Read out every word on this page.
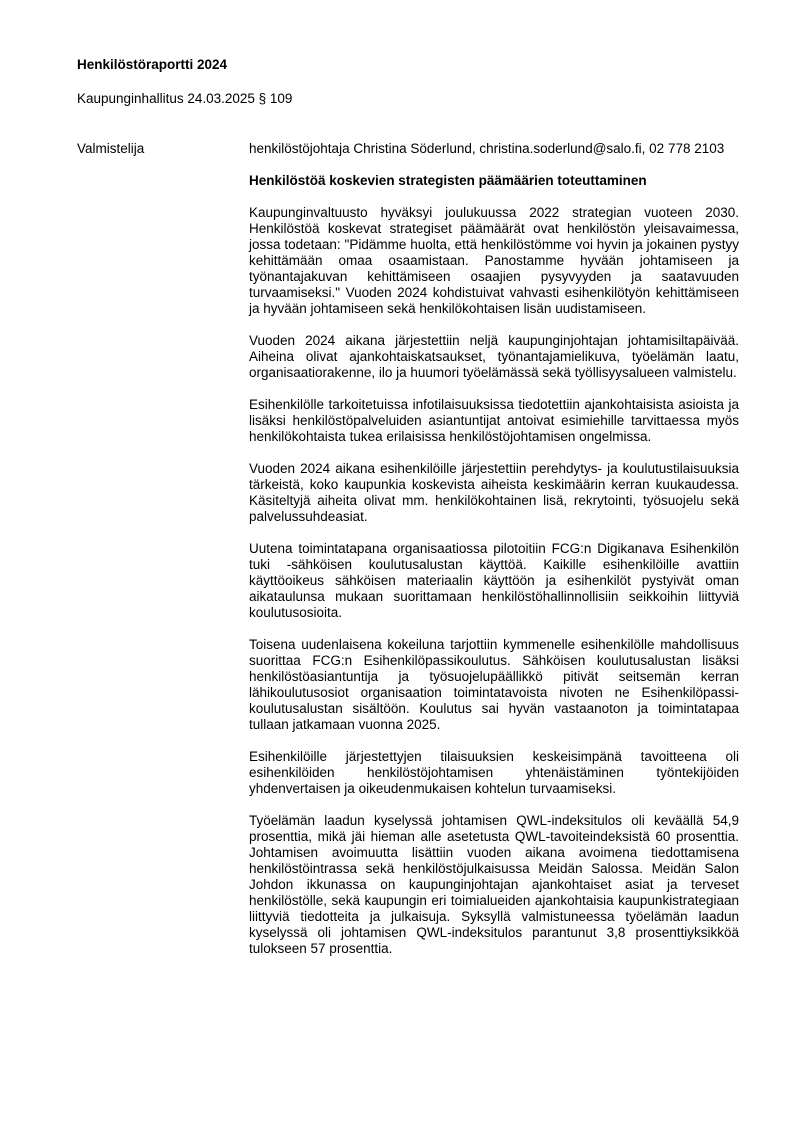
Henkilöstöraportti 2024
Kaupunginhallitus 24.03.2025 § 109
Valmistelija	henkilöstöjohtaja Christina Söderlund, christina.soderlund@salo.fi, 02 778 2103

Henkilöstöä koskevien strategisten päämäärien toteuttaminen

Kaupunginvaltuusto hyväksyi joulukuussa 2022 strategian vuoteen 2030. Henkilöstöä koskevat strategiset päämäärät ovat henkilöstön yleisavaimessa, jossa todetaan: "Pidämme huolta, että henkilöstömme voi hyvin ja jokainen pystyy kehittämään omaa osaamistaan. Panostamme hyvään johtamiseen ja työnantajakuvan kehittämiseen osaajien pysyvyyden ja saatavuuden turvaamiseksi." Vuoden 2024 kohdistuivat vahvasti esihenkilötyön kehittämiseen ja hyvään johtamiseen sekä henkilökohtaisen lisän uudistamiseen.

Vuoden 2024 aikana järjestettiin neljä kaupunginjohtajan johtamisiltapäivää. Aiheina olivat ajankohtaiskatsaukset, työnantajamielikuva, työelämän laatu, organisaatiorakenne, ilo ja huumori työelämässä sekä työllisyysalueen valmistelu.

Esihenkilölle tarkoitetuissa infotilaisuuksissa tiedotettiin ajankohtaisista asioista ja lisäksi henkilöstöpalveluiden asiantuntijat antoivat esimiehille tarvittaessa myös henkilökohtaista tukea erilaisissa henkilöstöjohtamisen ongelmissa.

Vuoden 2024 aikana esihenkilöille järjestettiin perehdytys- ja koulutustilaisuuksia tärkeistä, koko kaupunkia koskevista aiheista keskimäärin kerran kuukaudessa. Käsiteltyjä aiheita olivat mm. henkilökohtainen lisä, rekrytointi, työsuojelu sekä palvelussuhdeasiat.

Uutena toimintatapana organisaatiossa pilotoitiin FCG:n Digikanava Esihenkilön tuki -sähköisen koulutusalustan käyttöä. Kaikille esihenkilöille avattiin käyttöoikeus sähköisen materiaalin käyttöön ja esihenkilöt pystyivät oman aikataulunsa mukaan suorittamaan henkilöstöhallinnollisiin seikkoihin liittyviä koulutusosioita.

Toisena uudenlaisena kokeiluna tarjottiin kymmenelle esihenkilölle mahdollisuus suorittaa FCG:n Esihenkilöpassikoulutus. Sähköisen koulutusalustan lisäksi henkilöstöasiantuntija ja työsuojelupäällikkö pitivät seitsemän kerran lähikoulutusosiot organisaation toimintatavoista nivoten ne Esihenkilöpassi-koulutusalustan sisältöön. Koulutus sai hyvän vastaanoton ja toimintatapaa tullaan jatkamaan vuonna 2025.

Esihenkilöille järjestettyjen tilaisuuksien keskeisimpänä tavoitteena oli esihenkilöiden henkilöstöjohtamisen yhtenäistäminen työntekijöiden yhdenvertaisen ja oikeudenmukaisen kohtelun turvaamiseksi.

Työelämän laadun kyselyssä johtamisen QWL-indeksitulos oli keväällä 54,9 prosenttia, mikä jäi hieman alle asetetusta QWL-tavoiteindeksistä 60 prosenttia. Johtamisen avoimuutta lisättiin vuoden aikana avoimena tiedottamisena henkilöstöintrassa sekä henkilöstöjulkaisussa Meidän Salossa. Meidän Salon Johdon ikkunassa on kaupunginjohtajan ajankohtaiset asiat ja terveset henkilöstölle, sekä kaupungin eri toimialueiden ajankohtaisia kaupunkistrategiaan liittyviä tiedotteita ja julkaisuja. Syksyllä valmistuneessa työelämän laadun kyselyssä oli johtamisen QWL-indeksitulos parantunut 3,8 prosenttiyksikköä tulokseen 57 prosenttia.
